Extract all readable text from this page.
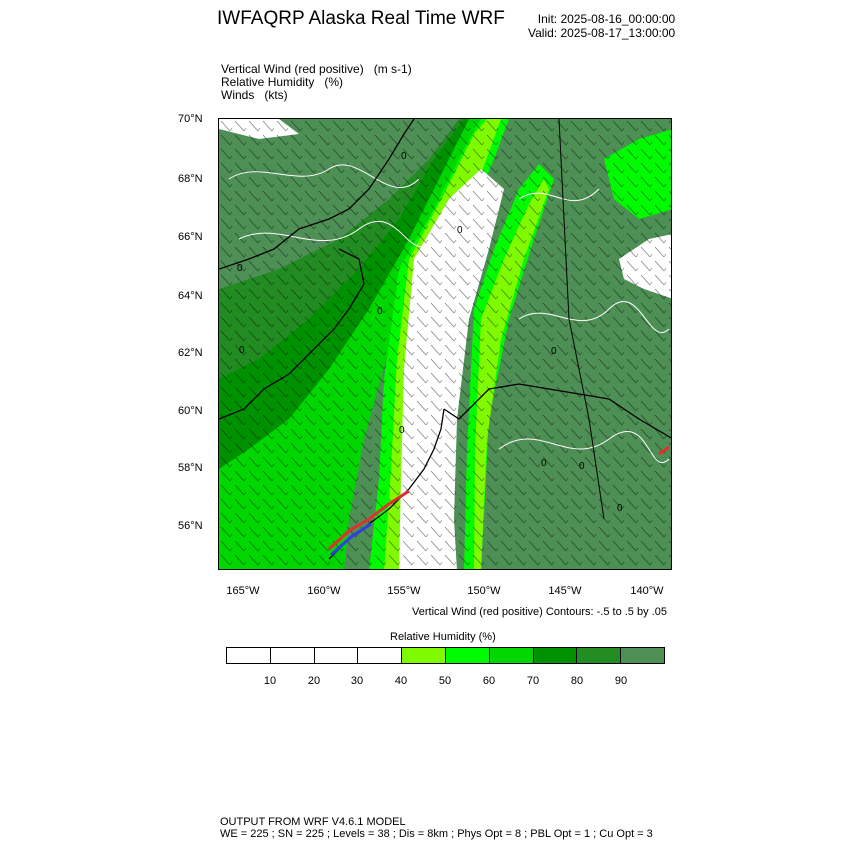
IWFAQRP Alaska Real Time WRF	Init: 2025-08-16_00:00:00
Valid: 2025-08-17_13:00:00
Vertical Wind (red positive)   (m s-1)
Relative Humidity   (%)
Winds   (kts)
70°N
68°N
66°N
64°N
62°N
60°N
58°N
56°N
0
0
0
0
0
0
0
0	0
0
165°W	160°W	155°W	150°W	145°W	140°W
Vertical Wind (red positive) Contours: -.5 to .5 by .05
Relative Humidity (%)
10	20	30	40	50	60	70	80	90
OUTPUT FROM WRF V4.6.1 MODEL
WE = 225 ; SN = 225 ; Levels = 38 ; Dis = 8km ; Phys Opt = 8 ; PBL Opt = 1 ; Cu Opt = 3
